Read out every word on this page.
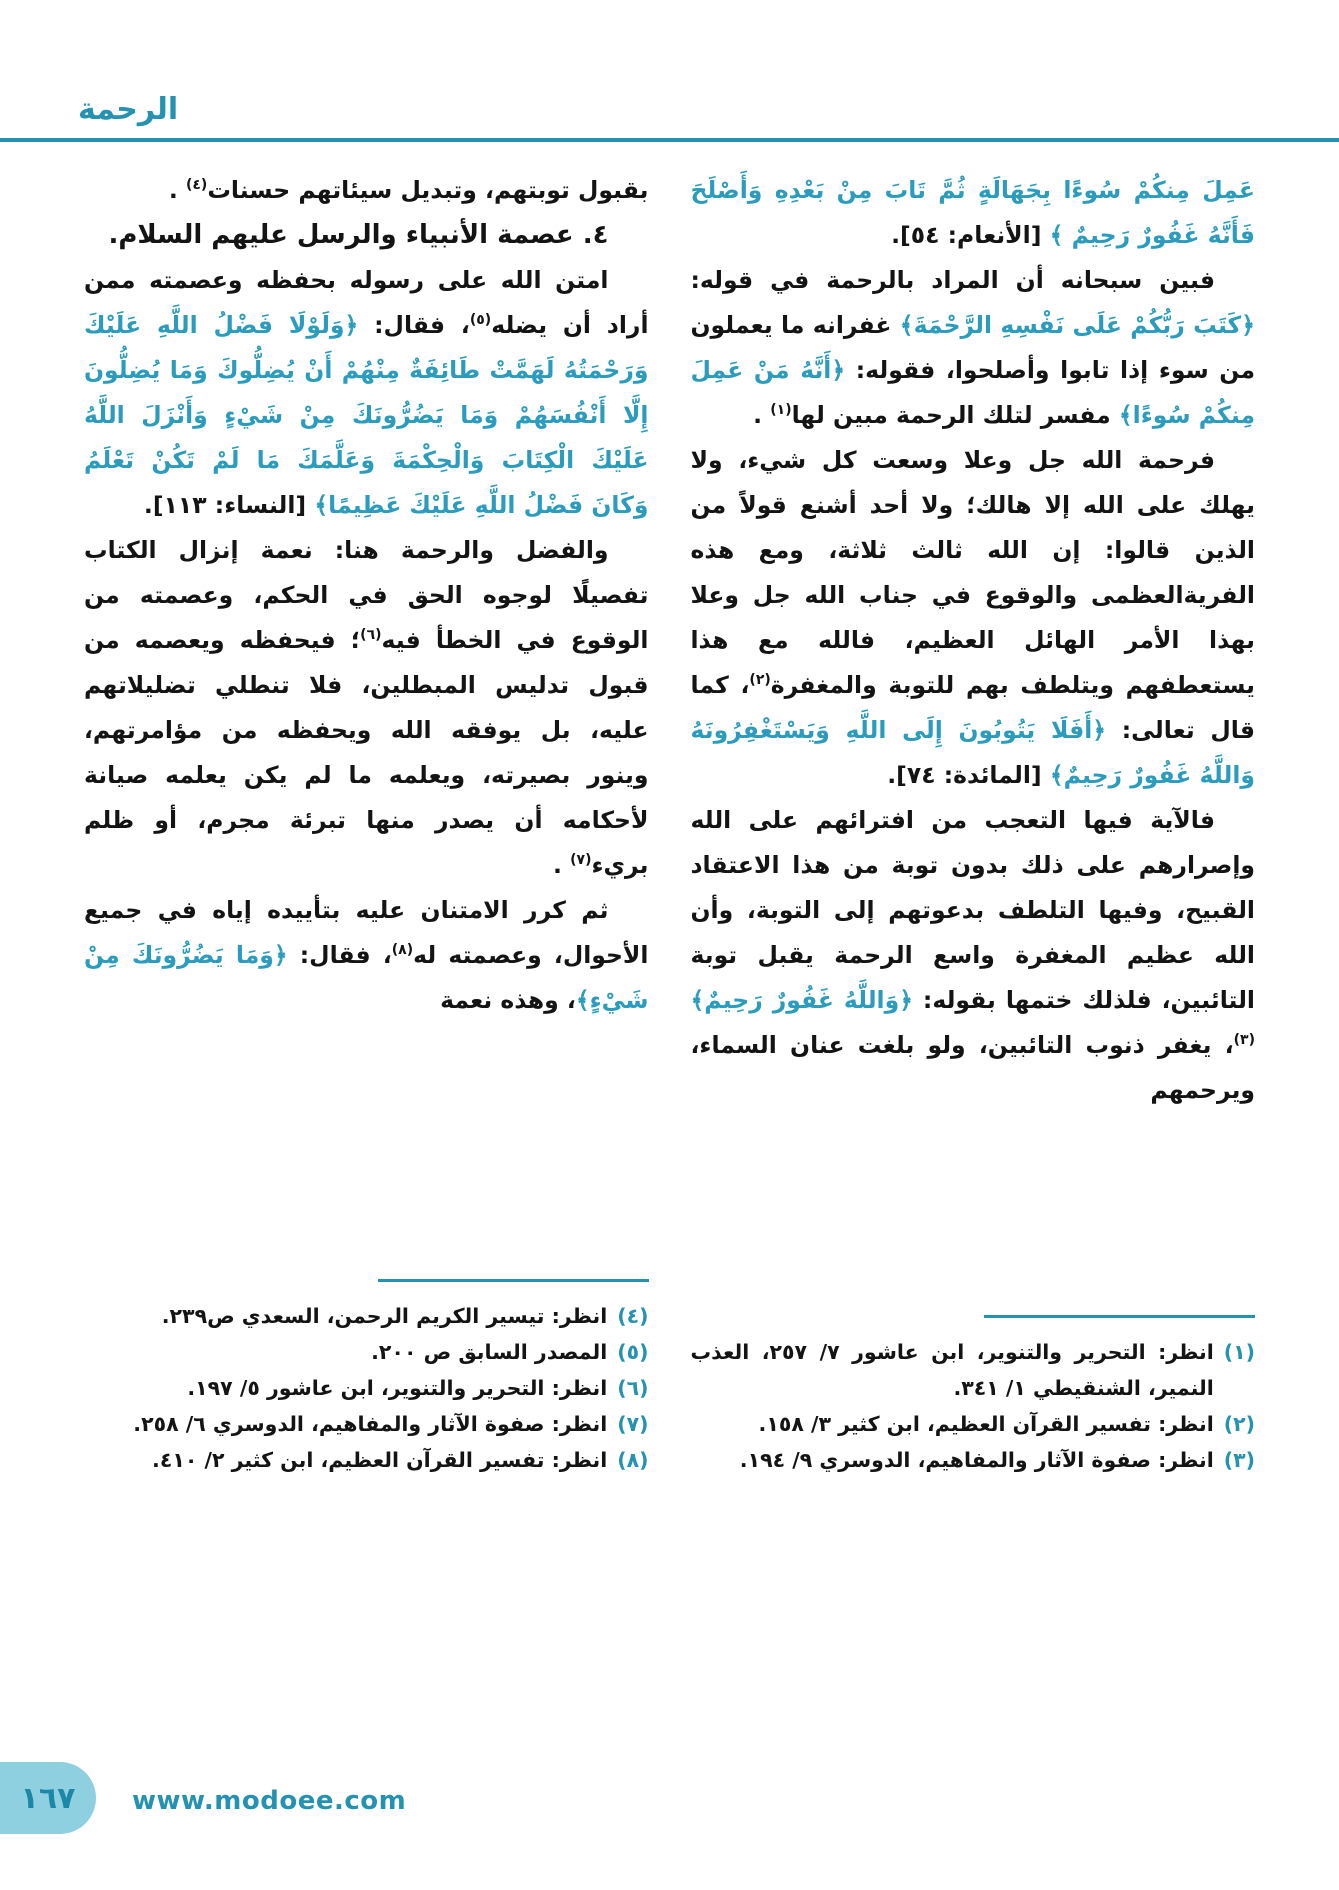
الرحمة

عَمِلَ مِنكُمْ سُوءًا بِجَهَالَةٍ ثُمَّ تَابَ مِنْ بَعْدِهِ وَأَصْلَحَ فَأَنَّهُ غَفُورٌ رَحِيمٌ ﴾ [الأنعام: ٥٤].

فبين سبحانه أن المراد بالرحمة في قوله: ﴿كَتَبَ رَبُّكُمْ عَلَى نَفْسِهِ الرَّحْمَةَ﴾ غفرانه ما يعملون من سوء إذا تابوا وأصلحوا، فقوله: ﴿أَنَّهُ مَنْ عَمِلَ مِنكُمْ سُوءًا﴾ مفسر لتلك الرحمة مبين لها$^{(١)}$ .

فرحمة الله جل وعلا وسعت كل شيء، ولا يهلك على الله إلا هالك؛ ولا أحد أشنع قولاً من الذين قالوا: إن الله ثالث ثلاثة، ومع هذه الفريةالعظمى والوقوع في جناب الله جل وعلا بهذا الأمر الهائل العظيم، فالله مع هذا يستعطفهم ويتلطف بهم للتوبة والمغفرة$^{(٢)}$، كما قال تعالى: ﴿أَفَلَا يَتُوبُونَ إِلَى اللَّهِ وَيَسْتَغْفِرُونَهُ وَاللَّهُ غَفُورٌ رَحِيمٌ﴾ [المائدة: ٧٤].

فالآية فيها التعجب من افترائهم على الله وإصرارهم على ذلك بدون توبة من هذا الاعتقاد القبيح، وفيها التلطف بدعوتهم إلى التوبة، وأن الله عظيم المغفرة واسع الرحمة يقبل توبة التائبين، فلذلك ختمها بقوله: ﴿وَاللَّهُ غَفُورٌ رَحِيمٌ﴾$^{(٣)}$، يغفر ذنوب التائبين، ولو بلغت عنان السماء، ويرحمهم

(١)
انظر: التحرير والتنوير، ابن عاشور ٧/ ٢٥٧، العذب النمير، الشنقيطي ١/ ٣٤١.
(٢)
انظر: تفسير القرآن العظيم، ابن كثير ٣/ ١٥٨.
(٣)
انظر: صفوة الآثار والمفاهيم، الدوسري ٩/ ١٩٤.

بقبول توبتهم، وتبديل سيئاتهم حسنات$^{(٤)}$ .

٤. عصمة الأنبياء والرسل عليهم السلام.

امتن الله على رسوله بحفظه وعصمته ممن أراد أن يضله$^{(٥)}$، فقال: ﴿وَلَوْلَا فَضْلُ اللَّهِ عَلَيْكَ وَرَحْمَتُهُ لَهَمَّتْ طَائِفَةٌ مِنْهُمْ أَنْ يُضِلُّوكَ وَمَا يُضِلُّونَ إِلَّا أَنْفُسَهُمْ وَمَا يَضُرُّونَكَ مِنْ شَيْءٍ وَأَنْزَلَ اللَّهُ عَلَيْكَ الْكِتَابَ وَالْحِكْمَةَ وَعَلَّمَكَ مَا لَمْ تَكُنْ تَعْلَمُ وَكَانَ فَضْلُ اللَّهِ عَلَيْكَ عَظِيمًا﴾ [النساء: ١١٣].

والفضل والرحمة هنا: نعمة إنزال الكتاب تفصيلًا لوجوه الحق في الحكم، وعصمته من الوقوع في الخطأ فيه$^{(٦)}$؛ فيحفظه ويعصمه من قبول تدليس المبطلين، فلا تنطلي تضليلاتهم عليه، بل يوفقه الله ويحفظه من مؤامرتهم، وينور بصيرته، ويعلمه ما لم يكن يعلمه صيانة لأحكامه أن يصدر منها تبرئة مجرم، أو ظلم بريء$^{(٧)}$ .

ثم كرر الامتنان عليه بتأييده إياه في جميع الأحوال، وعصمته له$^{(٨)}$، فقال: ﴿وَمَا يَضُرُّونَكَ مِنْ شَيْءٍ﴾، وهذه نعمة

(٤)
انظر: تيسير الكريم الرحمن، السعدي ص٢٣٩.
(٥)
المصدر السابق ص ٢٠٠.
(٦)
انظر: التحرير والتنوير، ابن عاشور ٥/ ١٩٧.
(٧)
انظر: صفوة الآثار والمفاهيم، الدوسري ٦/ ٢٥٨.
(٨)
انظر: تفسير القرآن العظيم، ابن كثير ٢/ ٤١٠.
١٦٧ www.modoee.com
